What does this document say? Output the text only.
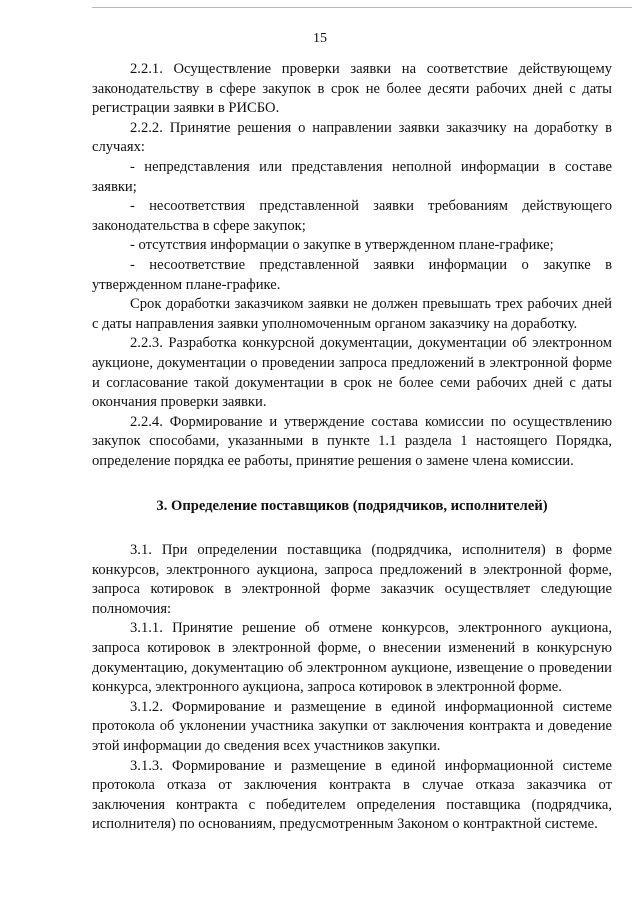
15

2.2.1. Осуществление проверки заявки на соответствие действующему законодательству в сфере закупок в срок не более десяти рабочих дней с даты регистрации заявки в РИСБО.

2.2.2. Принятие решения о направлении заявки заказчику на доработку в случаях:

- непредставления или представления неполной информации в составе заявки;

- несоответствия представленной заявки требованиям действующего законодательства в сфере закупок;

- отсутствия информации о закупке в утвержденном плане-графике;

- несоответствие представленной заявки информации о закупке в утвержденном плане-графике.

Срок доработки заказчиком заявки не должен превышать трех рабочих дней с даты направления заявки уполномоченным органом заказчику на доработку.

2.2.3. Разработка конкурсной документации, документации об электронном аукционе, документации о проведении запроса предложений в электронной форме и согласование такой документации в срок не более семи рабочих дней с даты окончания проверки заявки.

2.2.4. Формирование и утверждение состава комиссии по осуществлению закупок способами, указанными в пункте 1.1 раздела 1 настоящего Порядка, определение порядка ее работы, принятие решения о замене члена комиссии.

3. Определение поставщиков (подрядчиков, исполнителей)

3.1. При определении поставщика (подрядчика, исполнителя) в форме конкурсов, электронного аукциона, запроса предложений в электронной форме, запроса котировок в электронной форме заказчик осуществляет следующие полномочия:

3.1.1. Принятие решение об отмене конкурсов, электронного аукциона, запроса котировок в электронной форме, о внесении изменений в конкурсную документацию, документацию об электронном аукционе, извещение о проведении конкурса, электронного аукциона, запроса котировок в электронной форме.

3.1.2. Формирование и размещение в единой информационной системе протокола об уклонении участника закупки от заключения контракта и доведение этой информации до сведения всех участников закупки.

3.1.3. Формирование и размещение в единой информационной системе протокола отказа от заключения контракта в случае отказа заказчика от заключения контракта с победителем определения поставщика (подрядчика, исполнителя) по основаниям, предусмотренным Законом о контрактной системе.
